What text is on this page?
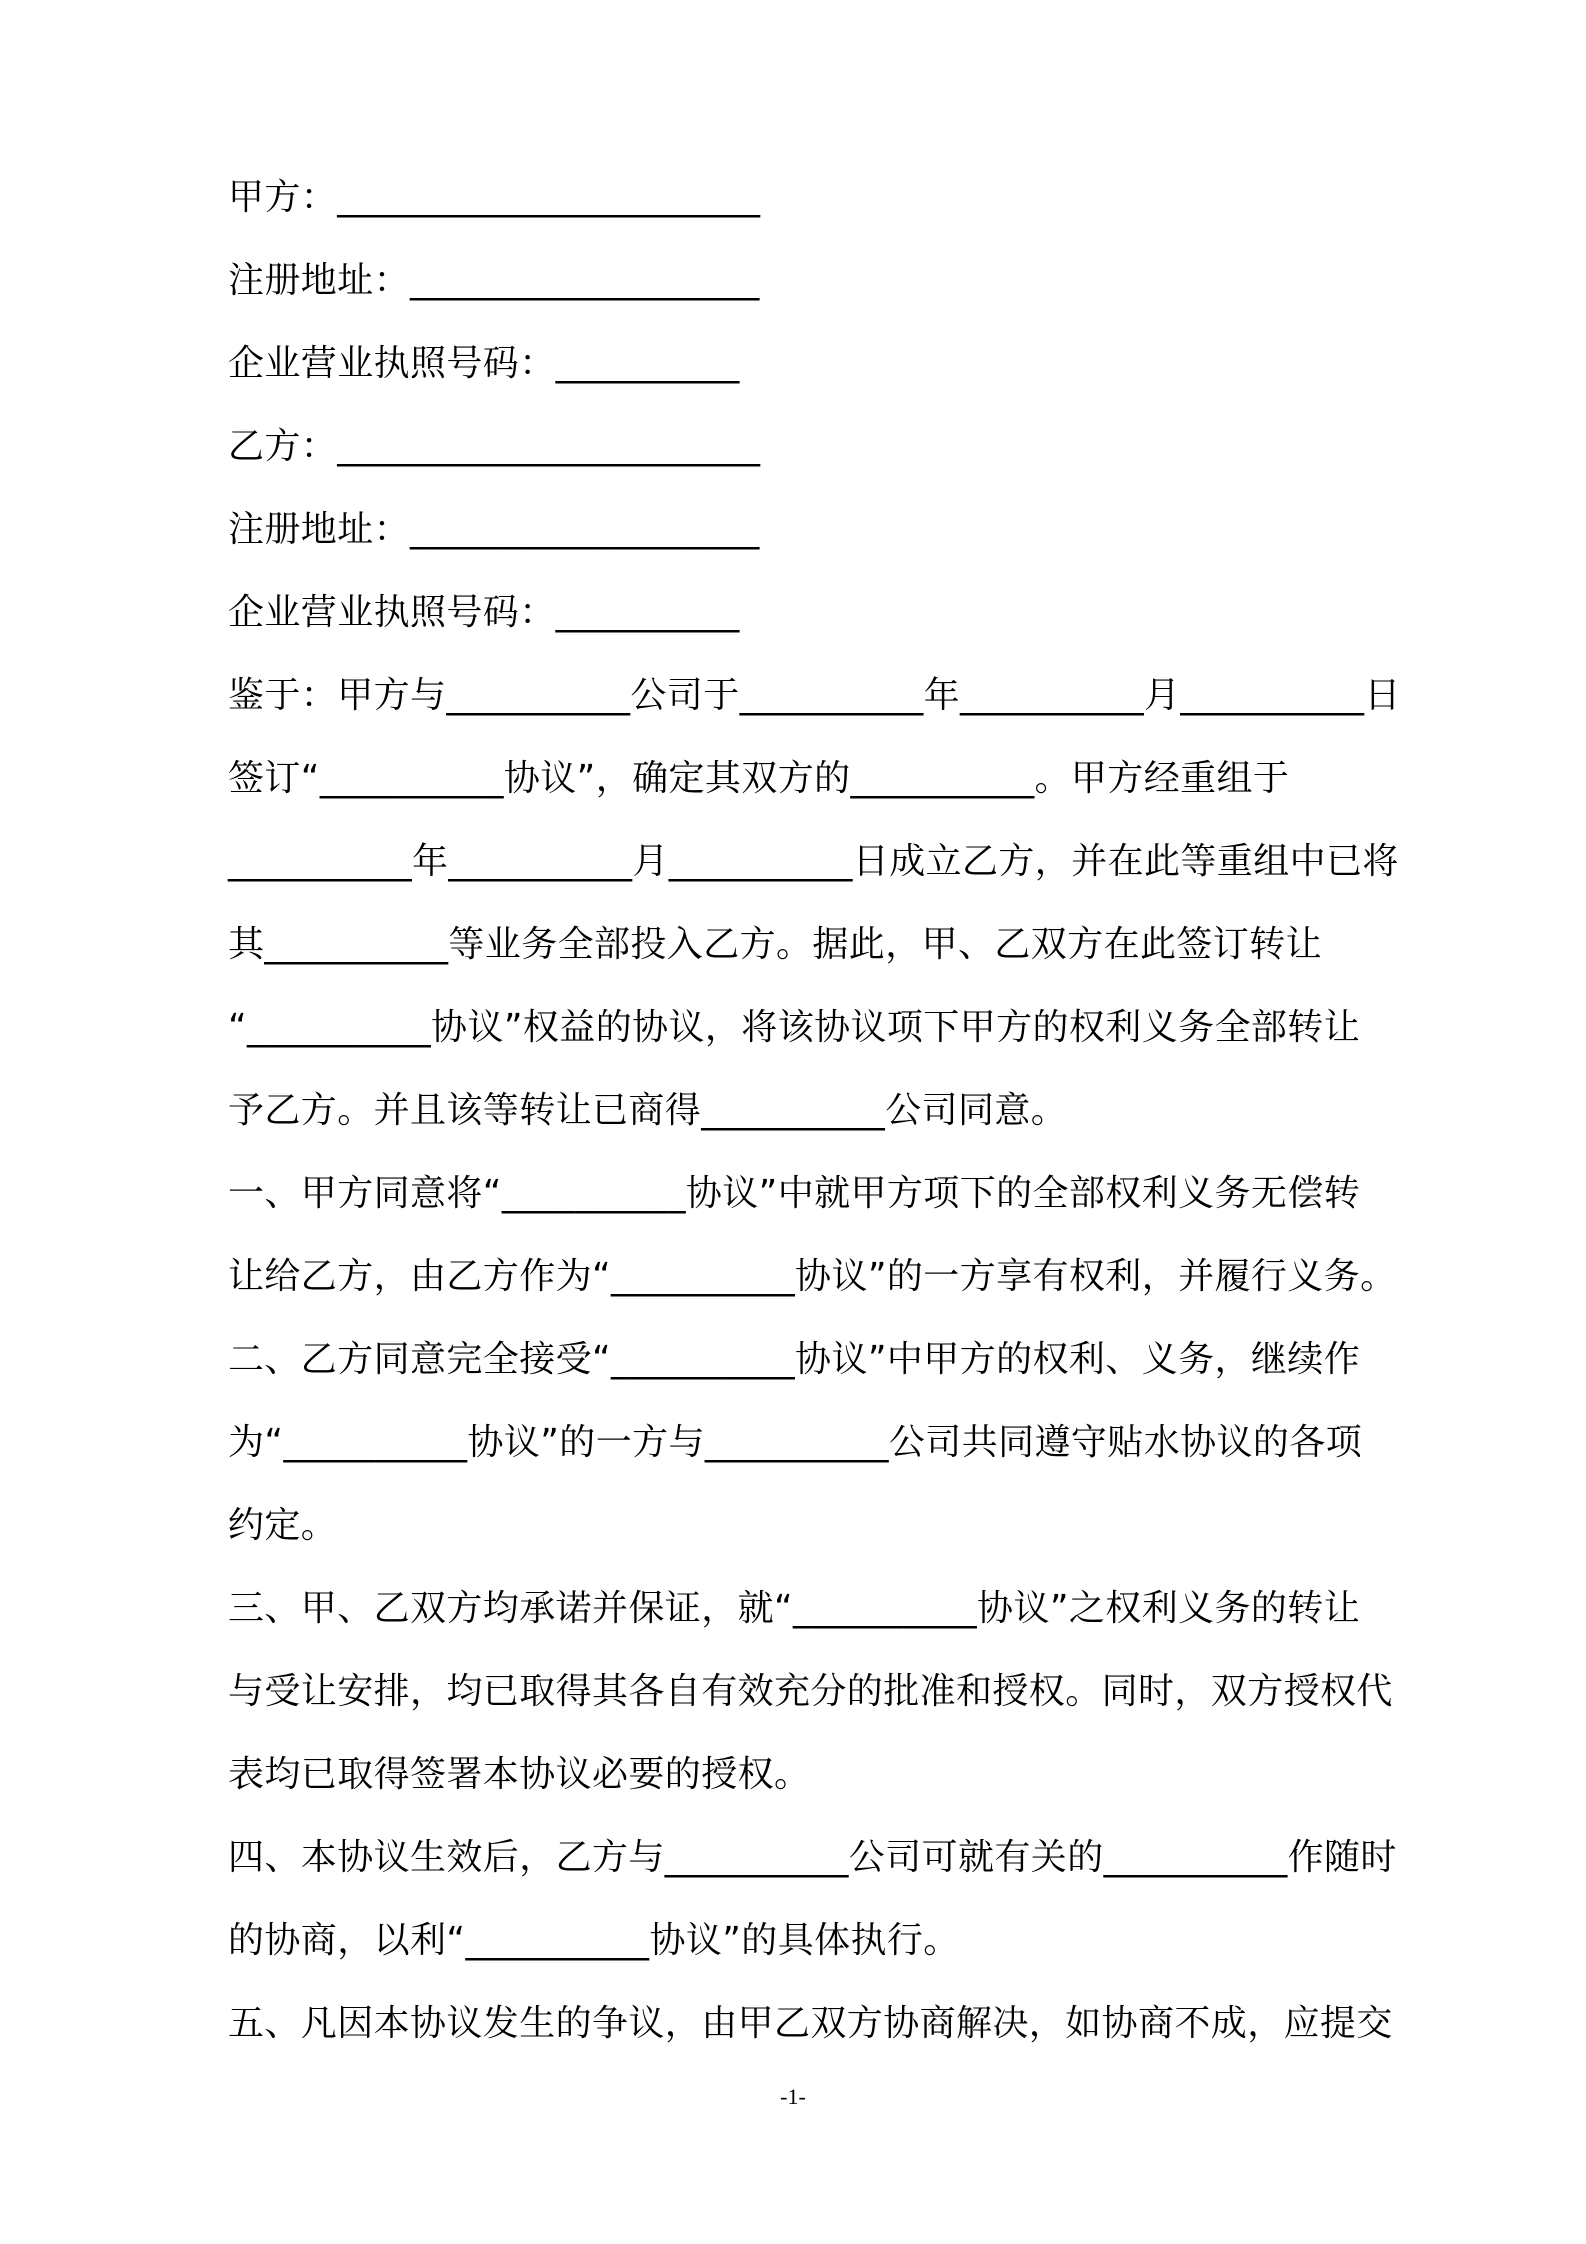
甲方：_______________________
注册地址：___________________
企业营业执照号码：__________
乙方：_______________________
注册地址：___________________
企业营业执照号码：__________
鉴于：甲方与__________公司于__________年__________月__________日
签订“__________协议”，确定其双方的__________。甲方经重组于
__________年__________月__________日成立乙方，并在此等重组中已将
其__________等业务全部投入乙方。据此，甲、乙双方在此签订转让
“__________协议”权益的协议，将该协议项下甲方的权利义务全部转让
予乙方。并且该等转让已商得__________公司同意。
一、甲方同意将“__________协议”中就甲方项下的全部权利义务无偿转
让给乙方，由乙方作为“__________协议”的一方享有权利，并履行义务。
二、乙方同意完全接受“__________协议”中甲方的权利、义务，继续作
为“__________协议”的一方与__________公司共同遵守贴水协议的各项
约定。
三、甲、乙双方均承诺并保证，就“__________协议”之权利义务的转让
与受让安排，均已取得其各自有效充分的批准和授权。同时，双方授权代
表均已取得签署本协议必要的授权。
四、本协议生效后，乙方与__________公司可就有关的__________作随时
的协商，以利“__________协议”的具体执行。
五、凡因本协议发生的争议，由甲乙双方协商解决，如协商不成，应提交
-1-
